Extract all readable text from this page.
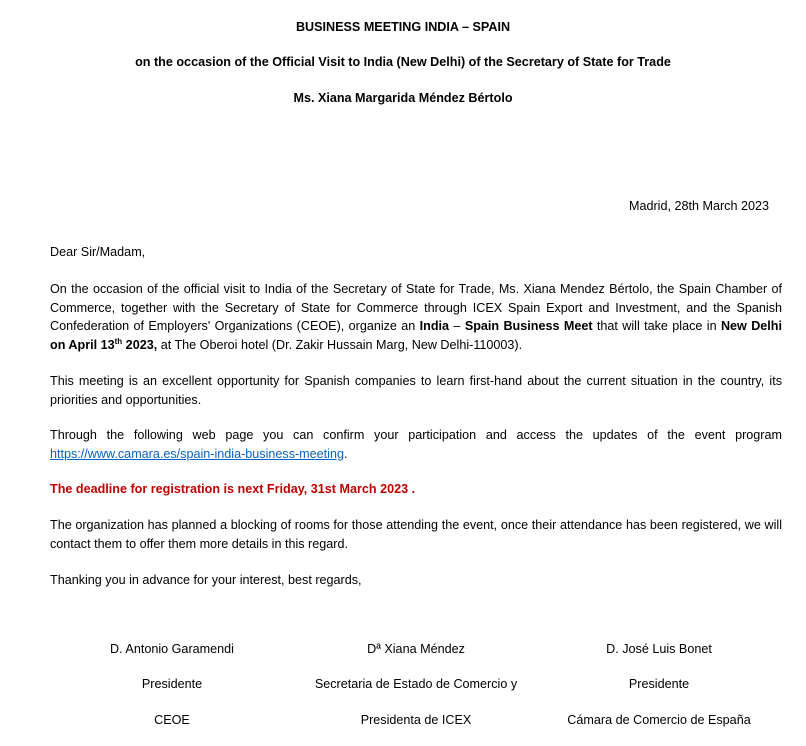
BUSINESS MEETING INDIA – SPAIN
on the occasion of the Official Visit to India (New Delhi) of the Secretary of State for Trade
Ms. Xiana Margarida Méndez Bértolo
Madrid, 28th March 2023

Dear Sir/Madam,

On the occasion of the official visit to India of the Secretary of State for Trade, Ms. Xiana Mendez Bértolo, the Spain Chamber of Commerce, together with the Secretary of State for Commerce through ICEX Spain Export and Investment, and the Spanish Confederation of Employers' Organizations (CEOE), organize an India – Spain Business Meet that will take place in New Delhi on April 13th 2023, at The Oberoi hotel (Dr. Zakir Hussain Marg, New Delhi-110003).

This meeting is an excellent opportunity for Spanish companies to learn first-hand about the current situation in the country, its priorities and opportunities.

Through the following web page you can confirm your participation and access the updates of the event program https://www.camara.es/spain-india-business-meeting.

The deadline for registration is next Friday, 31st March 2023 .

The organization has planned a blocking of rooms for those attending the event, once their attendance has been registered, we will contact them to offer them more details in this regard.

Thanking you in advance for your interest, best regards,

D. Antonio Garamendi
Presidente
CEOE
Dª Xiana Méndez
Secretaria de Estado de Comercio y
Presidenta de ICEX
D. José Luis Bonet
Presidente
Cámara de Comercio de España
